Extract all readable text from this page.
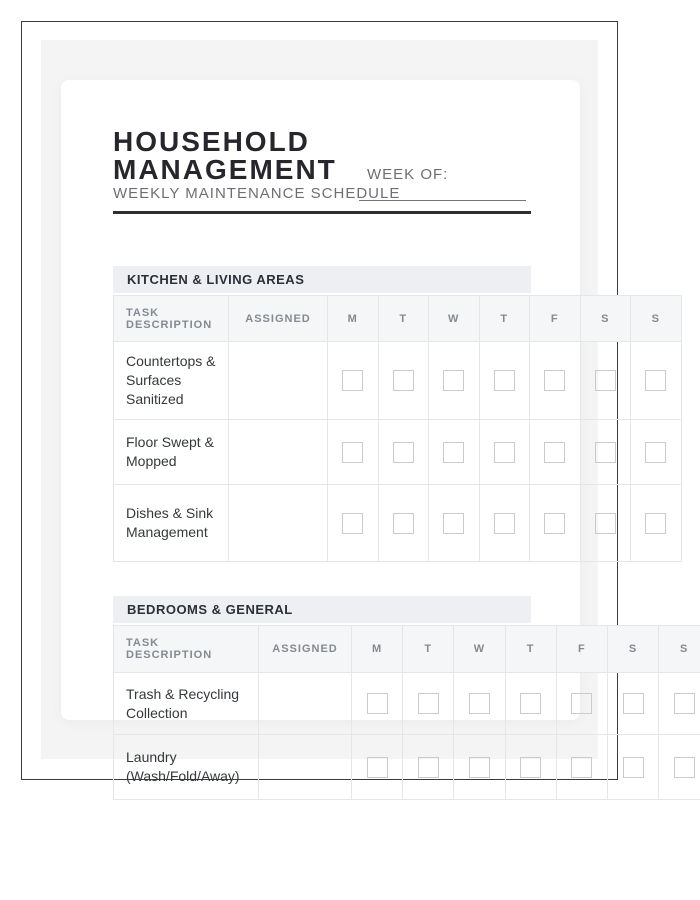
HOUSEHOLD MANAGEMENT
WEEKLY MAINTENANCE SCHEDULE
WEEK OF:
____________________
KITCHEN & LIVING AREAS
TASK DESCRIPTION	ASSIGNED	M	T	W	T	F	S	S
Countertops & Surfaces Sanitized								
Floor Swept & Mopped								
Dishes & Sink Management								
BEDROOMS & GENERAL
TASK DESCRIPTION	ASSIGNED	M	T	W	T	F	S	S
Trash & Recycling Collection								
Laundry (Wash/Fold/Away)								
